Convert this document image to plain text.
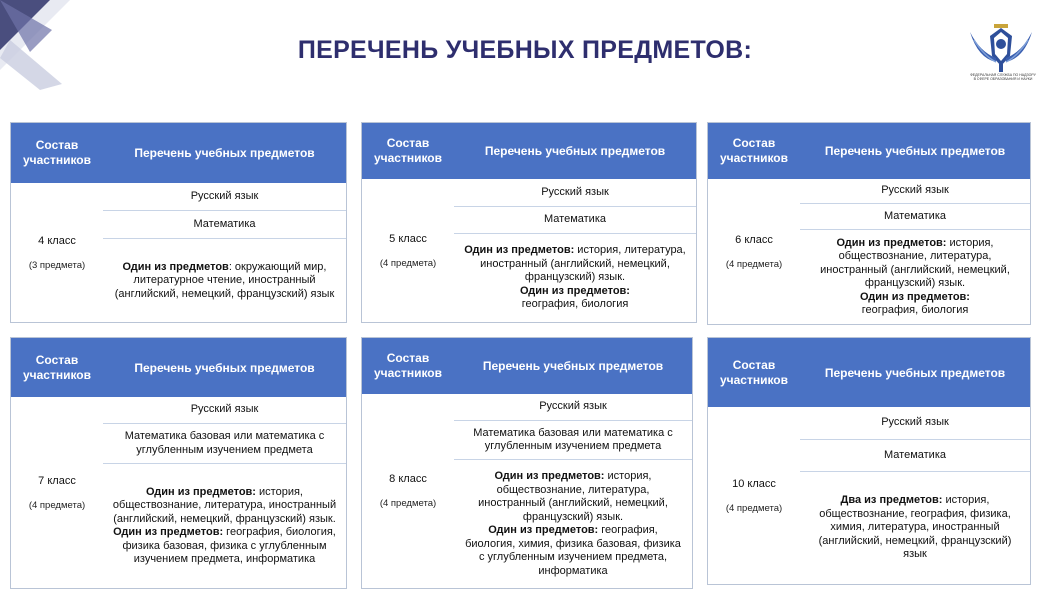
ПЕРЕЧЕНЬ УЧЕБНЫХ ПРЕДМЕТОВ:
ФЕДЕРАЛЬНАЯ СЛУЖБА ПО НАДЗОРУ В СФЕРЕ ОБРАЗОВАНИЯ И НАУКИ
Состав участников	Перечень учебных предметов
4 класс
(3 предмета)
Русский язык
Математика
Один из предметов: окружающий мир, литературное чтение, иностранный (английский, немецкий, французский) язык
Состав участников	Перечень учебных предметов
5 класс
(4 предмета)
Русский язык
Математика
Один из предметов: история, литература, иностранный (английский, немецкий, французский) язык.
Один из предметов:
география, биология
Состав участников	Перечень учебных предметов
6 класс
(4 предмета)
Русский язык
Математика
Один из предметов: история, обществознание, литература, иностранный (английский, немецкий, французский) язык.
Один из предметов:
география, биология
Состав участников	Перечень учебных предметов
7 класс
(4 предмета)
Русский язык
Математика базовая или математика с углубленным изучением предмета
Один из предметов: история, обществознание, литература, иностранный (английский, немецкий, французский) язык.
Один из предметов: география, биология, физика базовая, физика с углубленным изучением предмета, информатика
Состав участников	Перечень учебных предметов
8 класс
(4 предмета)
Русский язык
Математика базовая или математика с углубленным изучением предмета
Один из предметов: история, обществознание, литература, иностранный (английский, немецкий, французский) язык.
Один из предметов: география, биология, химия, физика базовая, физика с углубленным изучением предмета, информатика
Состав участников	Перечень учебных предметов
10 класс
(4 предмета)
Русский язык
Математика
Два из предметов: история, обществознание, география, физика, химия, литература, иностранный (английский, немецкий, французский) язык
